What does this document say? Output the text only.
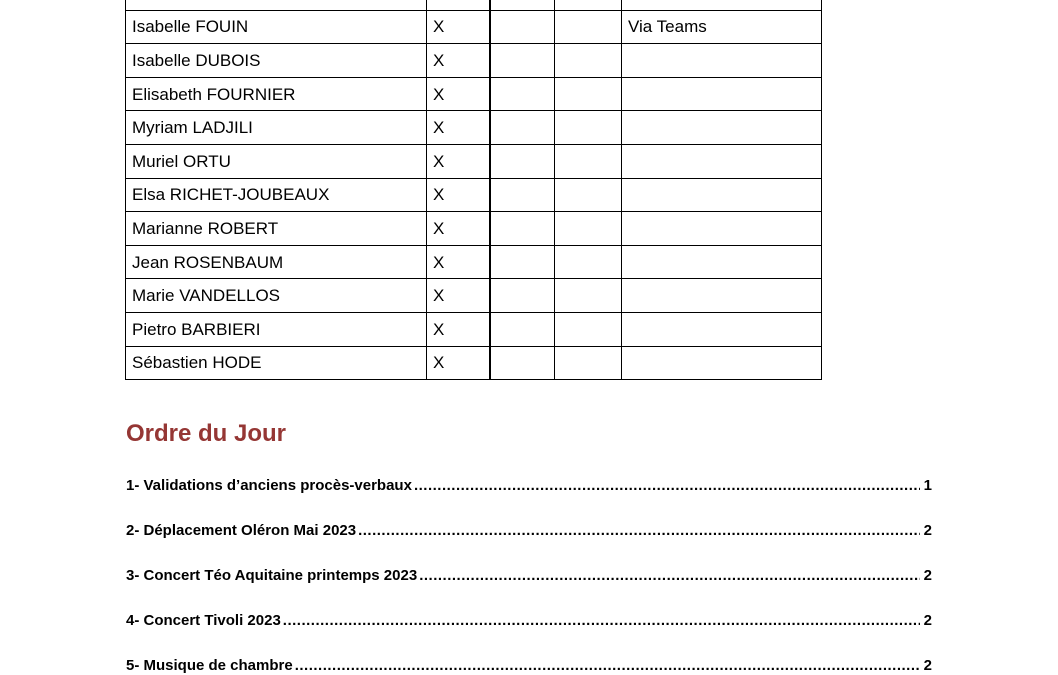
Isabelle FOUIN	X			Via Teams
Isabelle DUBOIS	X			
Elisabeth FOURNIER	X			
Myriam LADJILI	X			
Muriel ORTU	X			
Elsa RICHET-JOUBEAUX	X			
Marianne ROBERT	X			
Jean ROSENBAUM	X			
Marie VANDELLOS	X			
Pietro BARBIERI	X			
Sébastien HODE	X			
Ordre du Jour
1- Validations d’anciens procès-verbaux .....	1
2- Déplacement Oléron Mai 2023 .....	2
3- Concert Téo Aquitaine printemps 2023 .....	2
4- Concert Tivoli 2023 .....	2
5- Musique de chambre .....	2
